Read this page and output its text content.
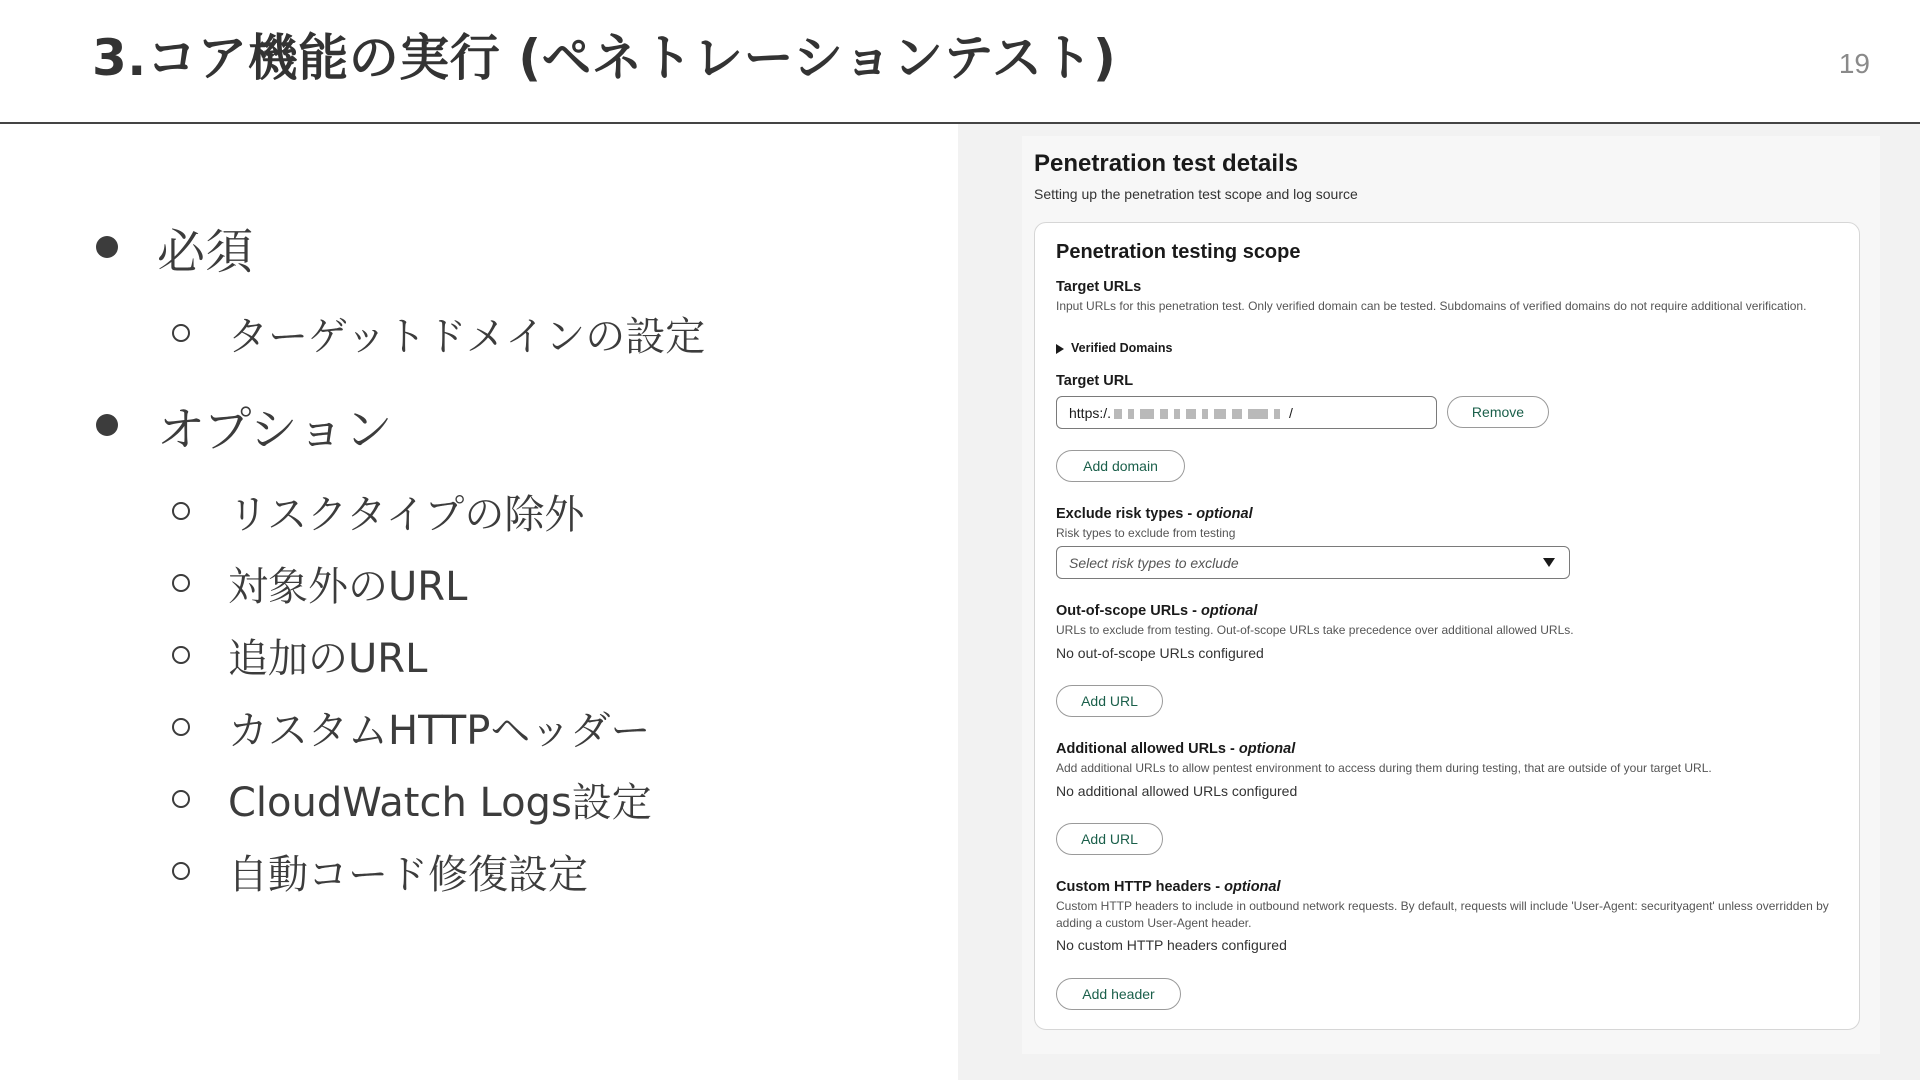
3.コア機能の実行 (ペネトレーションテスト)	19
必須
ターゲットドメインの設定
オプション
リスクタイプの除外
対象外のURL
追加のURL
カスタムHTTPヘッダー
CloudWatch Logs設定
自動コード修復設定
Penetration test details
Setting up the penetration test scope and log source
Penetration testing scope
Target URLs
Input URLs for this penetration test. Only verified domain can be tested. Subdomains of verified domains do not require additional verification.
Verified Domains
Target URL
https:/.	/	Remove
Add domain
Exclude risk types - optional
Risk types to exclude from testing
Select risk types to exclude
Out-of-scope URLs - optional
URLs to exclude from testing. Out-of-scope URLs take precedence over additional allowed URLs.
No out-of-scope URLs configured
Add URL
Additional allowed URLs - optional
Add additional URLs to allow pentest environment to access during them during testing, that are outside of your target URL.
No additional allowed URLs configured
Add URL
Custom HTTP headers - optional
Custom HTTP headers to include in outbound network requests. By default, requests will include 'User-Agent: securityagent' unless overridden by adding a custom User-Agent header.
No custom HTTP headers configured
Add header
